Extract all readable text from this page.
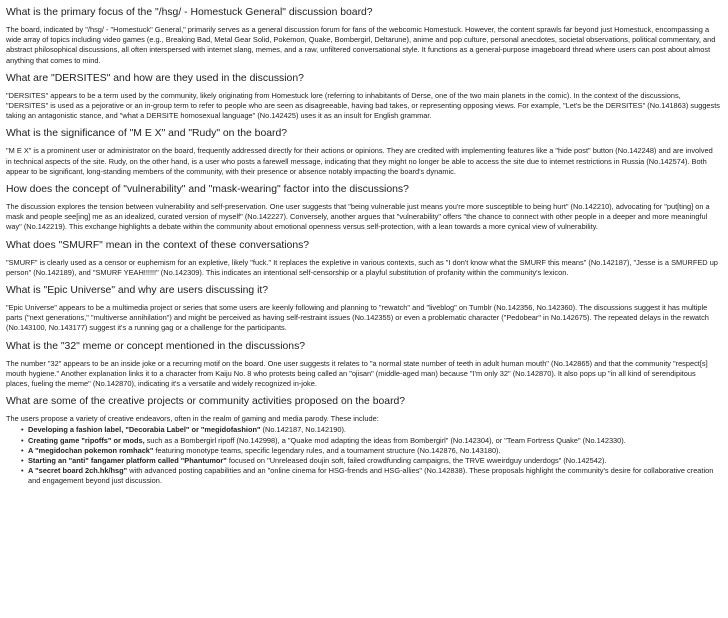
What is the primary focus of the "/hsg/ - Homestuck General" discussion board?

The board, indicated by "/hsg/ - "Homestuck" General," primarily serves as a general discussion forum for fans of the webcomic Homestuck. However, the content sprawls far beyond just Homestuck, encompassing a wide array of topics including video games (e.g., Breaking Bad, Metal Gear Solid, Pokemon, Quake, Bombergirl, Deltarune), anime and pop culture, personal anecdotes, societal observations, political commentary, and abstract philosophical discussions, all often interspersed with internet slang, memes, and a raw, unfiltered conversational style. It functions as a general-purpose imageboard thread where users can post about almost anything that comes to mind.

What are "DERSITES" and how are they used in the discussion?

"DERSITES" appears to be a term used by the community, likely originating from Homestuck lore (referring to inhabitants of Derse, one of the two main planets in the comic). In the context of the discussions, "DERSITES" is used as a pejorative or an in-group term to refer to people who are seen as disagreeable, having bad takes, or representing opposing views. For example, "Let's be the DERSITES" (No.141863) suggests taking an antagonistic stance, and "what a DERSITE homosexual language" (No.142425) uses it as an insult for English grammar.

What is the significance of "M E X" and "Rudy" on the board?

"M E X" is a prominent user or administrator on the board, frequently addressed directly for their actions or opinions. They are credited with implementing features like a "hide post" button (No.142248) and are involved in technical aspects of the site. Rudy, on the other hand, is a user who posts a farewell message, indicating that they might no longer be able to access the site due to internet restrictions in Russia (No.142574). Both appear to be significant, long-standing members of the community, with their presence or absence notably impacting the board's dynamic.

How does the concept of "vulnerability" and "mask-wearing" factor into the discussions?

The discussion explores the tension between vulnerability and self-preservation. One user suggests that "being vulnerable just means you're more susceptible to being hurt" (No.142210), advocating for "put[ting] on a mask and people see[ing] me as an idealized, curated version of myself" (No.142227). Conversely, another argues that "vulnerability" offers "the chance to connect with other people in a deeper and more meaningful way" (No.142219). This exchange highlights a debate within the community about emotional openness versus self-protection, with a lean towards a more cynical view of vulnerability.

What does "SMURF" mean in the context of these conversations?

"SMURF" is clearly used as a censor or euphemism for an expletive, likely "fuck." It replaces the expletive in various contexts, such as "I don't know what the SMURF this means" (No.142187), "Jesse is a SMURFED up person" (No.142189), and "SMURF YEAH!!!!!!" (No.142309). This indicates an intentional self-censorship or a playful substitution of profanity within the community's lexicon.

What is "Epic Universe" and why are users discussing it?

"Epic Universe" appears to be a multimedia project or series that some users are keenly following and planning to "rewatch" and "liveblog" on Tumblr (No.142356, No.142360). The discussions suggest it has multiple parts ("next generations," "multiverse annihilation") and might be perceived as having self-restraint issues (No.142355) or even a problematic character ("Pedobear" in No.142675). The repeated delays in the rewatch (No.143100, No.143177) suggest it's a running gag or a challenge for the participants.

What is the "32" meme or concept mentioned in the discussions?

The number "32" appears to be an inside joke or a recurring motif on the board. One user suggests it relates to "a normal state number of teeth in adult human mouth" (No.142865) and that the community "respect[s] mouth hygiene." Another explanation links it to a character from Kaiju No. 8 who protests being called an "ojisan" (middle-aged man) because "I'm only 32" (No.142870). It also pops up "in all kind of serendipitous places, fueling the meme" (No.142870), indicating it's a versatile and widely recognized in-joke.

What are some of the creative projects or community activities proposed on the board?

The users propose a variety of creative endeavors, often in the realm of gaming and media parody. These include:

• Developing a fashion label, "Decorabia Label" or "megidofashion" (No.142187, No.142190).
• Creating game "ripoffs" or mods, such as a Bombergirl ripoff (No.142998), a "Quake mod adapting the ideas from Bombergirl" (No.142304), or "Team Fortress Quake" (No.142330).
• A "megidochan pokemon romhack" featuring monotype teams, specific legendary rules, and a tournament structure (No.142876, No.143180).
• Starting an "anti" fangamer platform called "Phantumor" focused on "Unreleased doujin soft, failed crowdfunding campaigns, the TRVE wweirdguy underdogs" (No.142542).
• A "secret board 2ch.hk/hsg" with advanced posting capabilities and an "online cinema for HSG-frends and HSG-allies" (No.142838). These proposals highlight the community's desire for collaborative creation and engagement beyond just discussion.
